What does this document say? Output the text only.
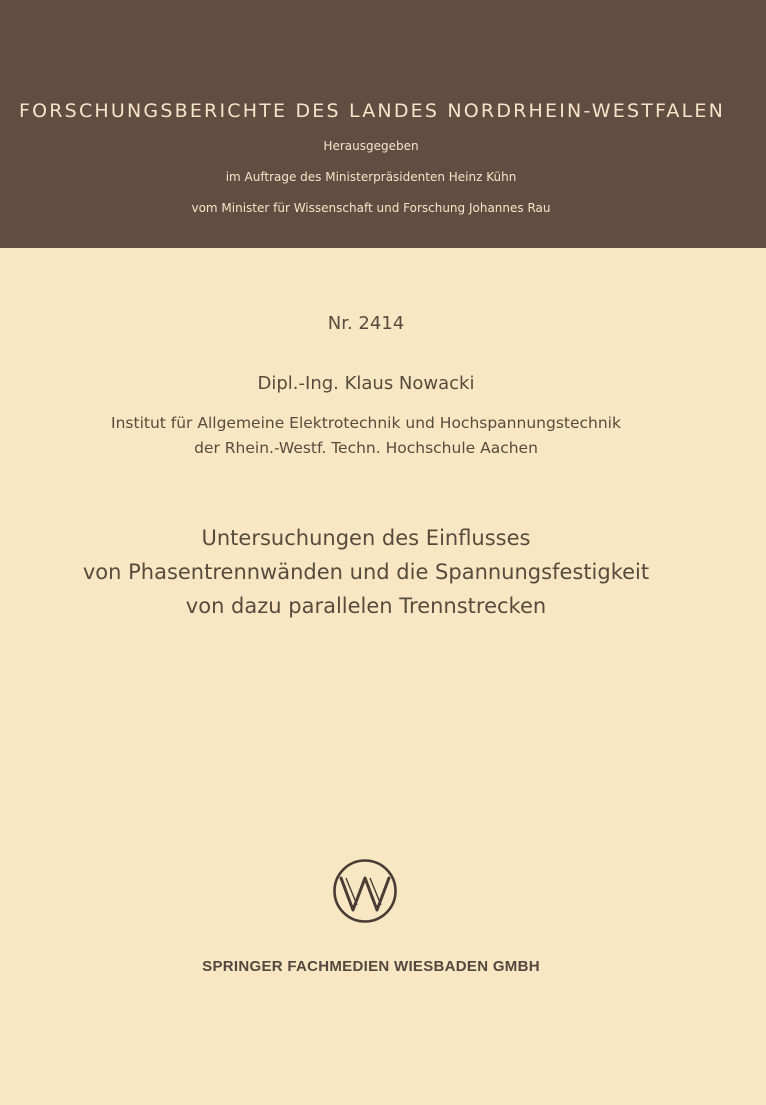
FORSCHUNGSBERICHTE DES LANDES NORDRHEIN-WESTFALEN
Herausgegeben
im Auftrage des Ministerpräsidenten Heinz Kühn
vom Minister für Wissenschaft und Forschung Johannes Rau
Nr. 2414
Dipl.-Ing. Klaus Nowacki
Institut für Allgemeine Elektrotechnik und Hochspannungstechnik
der Rhein.-Westf. Techn. Hochschule Aachen
Untersuchungen des Einflusses
von Phasentrennwänden und die Spannungsfestigkeit
von dazu parallelen Trennstrecken
SPRINGER FACHMEDIEN WIESBADEN GMBH
